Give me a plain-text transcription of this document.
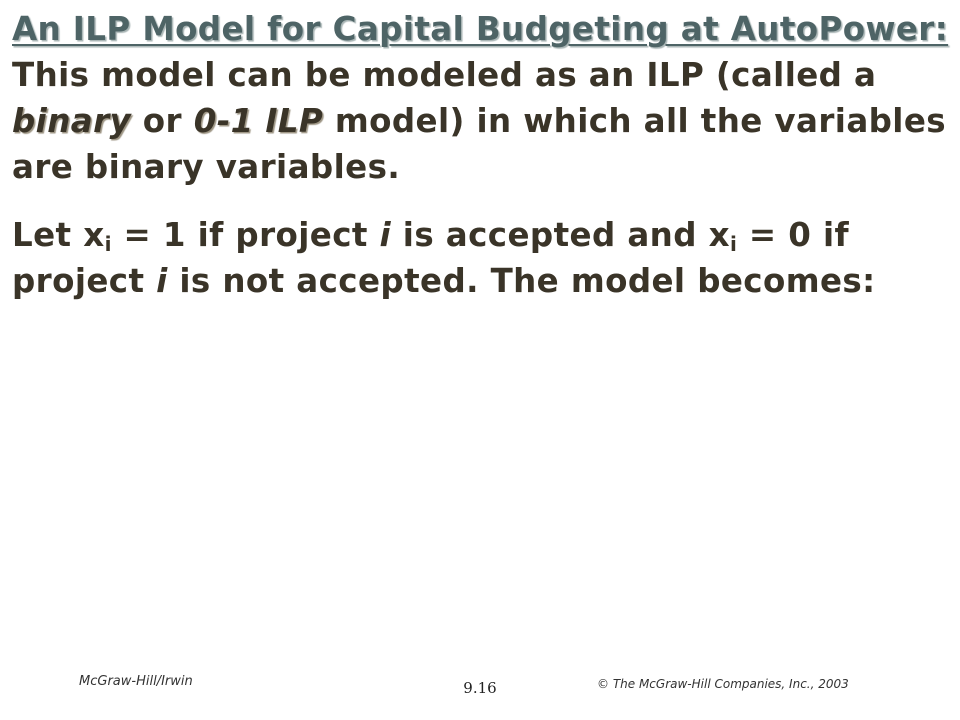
An ILP Model for Capital Budgeting at AutoPower: This model can be modeled as an ILP (called a binary or 0-1 ILP model) in which all the variables are binary variables.

Let $x_i = 1$ if project i is accepted and $x_i = 0$ if project i is not accepted. The model becomes:

McGraw-Hill/Irwin	9.16	© The McGraw-Hill Companies, Inc., 2003
